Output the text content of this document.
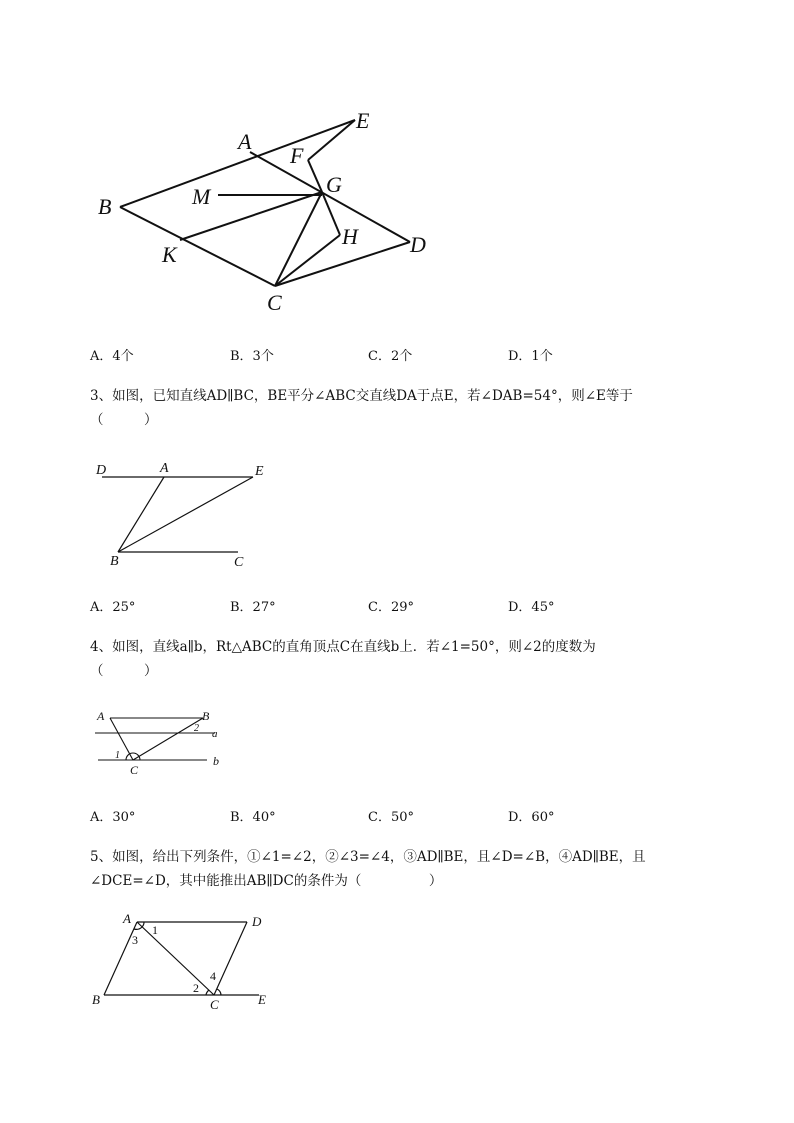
E
A
F
G
B	M
H D
K
C
A．4个	B．3个	C．2个	D．1个
3、如图，已知直线AD∥BC，BE平分∠ABC交直线DA于点E，若∠DAB=54°，则∠E等于
（　　　）
D	A	E
B	C
A．25°	B．27°	C．29°	D．45°
4、如图，直线a∥b，Rt△ABC的直角顶点C在直线b上．若∠1=50°，则∠2的度数为
（　　　）
A	B
2 a
1	b
C
A．30°	B．40°	C．50°	D．60°
5、如图，给出下列条件，①∠1=∠2，②∠3=∠4，③AD∥BE，且∠D=∠B，④AD∥BE，且
∠DCE=∠D，其中能推出AB∥DC的条件为（　　　　　）
A	D
1
3
4
2
B	C	E
